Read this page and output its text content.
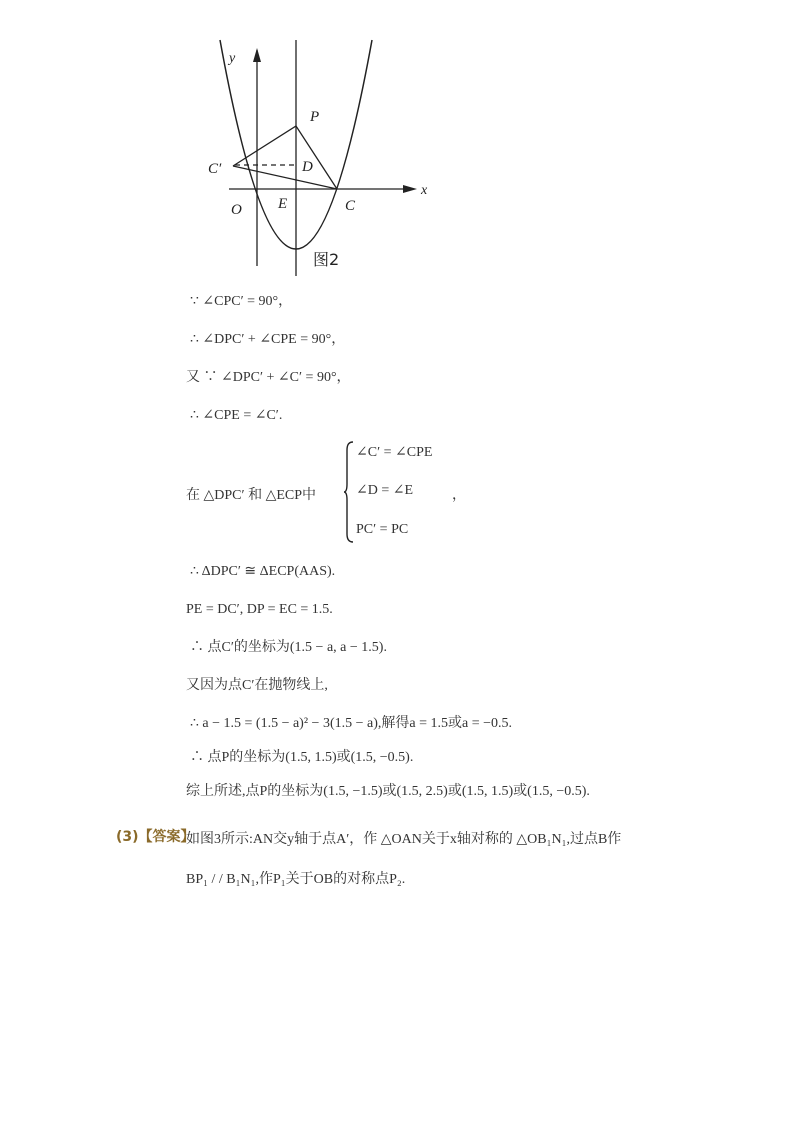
y
x
P
C′	D
O E	C
图2
∵ ∠CPC′ = 90°，
∴ ∠DPC′ + ∠CPE = 90°，
又 ∵ ∠DPC′ + ∠C′ = 90°，
∴ ∠CPE = ∠C′.
在 △DPC′ 和 △ECP中
∠C′ = ∠CPE
∠D = ∠E
PC′ = PC
，
∴ ΔDPC′ ≅ ΔECP(AAS).
PE = DC′, DP = EC = 1.5.
∴ 点C′的坐标为(1.5 − a, a − 1.5).
又因为点C′在抛物线上,
∴ a − 1.5 = (1.5 − a)² − 3(1.5 − a),解得a = 1.5或a = −0.5.
∴ 点P的坐标为(1.5, 1.5)或(1.5, −0.5).
综上所述,点P的坐标为(1.5, −1.5)或(1.5, 2.5)或(1.5, 1.5)或(1.5, −0.5).
(3)【答案】
如图3所示:AN交y轴于点A′，作 △OAN关于x轴对称的 △OB₁N₁,过点B作
BP₁ / / B₁N₁,作P₁关于OB的对称点P₂.
